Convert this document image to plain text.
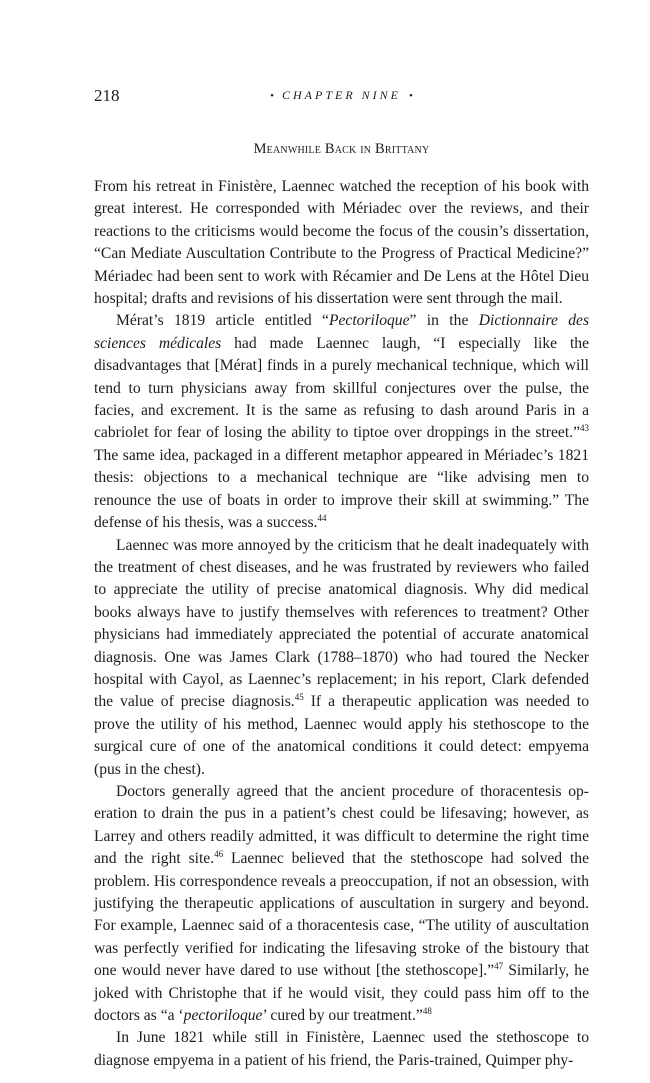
218	• CHAPTER NINE •
Meanwhile Back in Brittany

From his retreat in Finistère, Laennec watched the reception of his book with great interest. He corresponded with Mériadec over the reviews, and their reactions to the criticisms would become the focus of the cousin’s dissertation, “Can Mediate Auscultation Contribute to the Progress of Practical Medicine?” Mériadec had been sent to work with Récamier and De Lens at the Hôtel Dieu hospital; drafts and revisions of his dissertation were sent through the mail.

Mérat’s 1819 article entitled “Pectoriloque” in the Dictionnaire des sciences médicales had made Laennec laugh, “I especially like the disadvantages that [Mérat] finds in a purely mechanical technique, which will tend to turn physicians away from skillful conjectures over the pulse, the facies, and excrement. It is the same as refusing to dash around Paris in a cabriolet for fear of losing the ability to tiptoe over droppings in the street.”$^{43}$ The same idea, packaged in a different metaphor appeared in Mériadec’s 1821 thesis: objections to a mechanical technique are “like advising men to renounce the use of boats in order to improve their skill at swimming.” The defense of his thesis, was a success.$^{44}$

Laennec was more annoyed by the criticism that he dealt inadequately with the treatment of chest diseases, and he was frustrated by reviewers who failed to appreciate the utility of precise anatomical diagnosis. Why did medical books always have to justify themselves with references to treatment? Other physicians had immediately appreciated the potential of accurate anatomical diagnosis. One was James Clark (1788–1870) who had toured the Necker hospital with Cayol, as Laennec’s replacement; in his report, Clark defended the value of precise diagnosis.$^{45}$ If a therapeutic application was needed to prove the utility of his method, Laennec would apply his stethoscope to the surgical cure of one of the anatomical conditions it could detect: empyema (pus in the chest).

Doctors generally agreed that the ancient procedure of thoracentesis operation to drain the pus in a patient’s chest could be lifesaving; however, as Larrey and others readily admitted, it was difficult to determine the right time and the right site.$^{46}$ Laennec believed that the stethoscope had solved the problem. His correspondence reveals a preoccupation, if not an obsession, with justifying the therapeutic applications of auscultation in surgery and beyond. For example, Laennec said of a thoracentesis case, “The utility of auscultation was perfectly verified for indicating the lifesaving stroke of the bistoury that one would never have dared to use without [the stethoscope].”$^{47}$ Similarly, he joked with Christophe that if he would visit, they could pass him off to the doctors as “a ‘pectoriloque’ cured by our treatment.”$^{48}$

In June 1821 while still in Finistère, Laennec used the stethoscope to diagnose empyema in a patient of his friend, the Paris-trained, Quimper phy-
